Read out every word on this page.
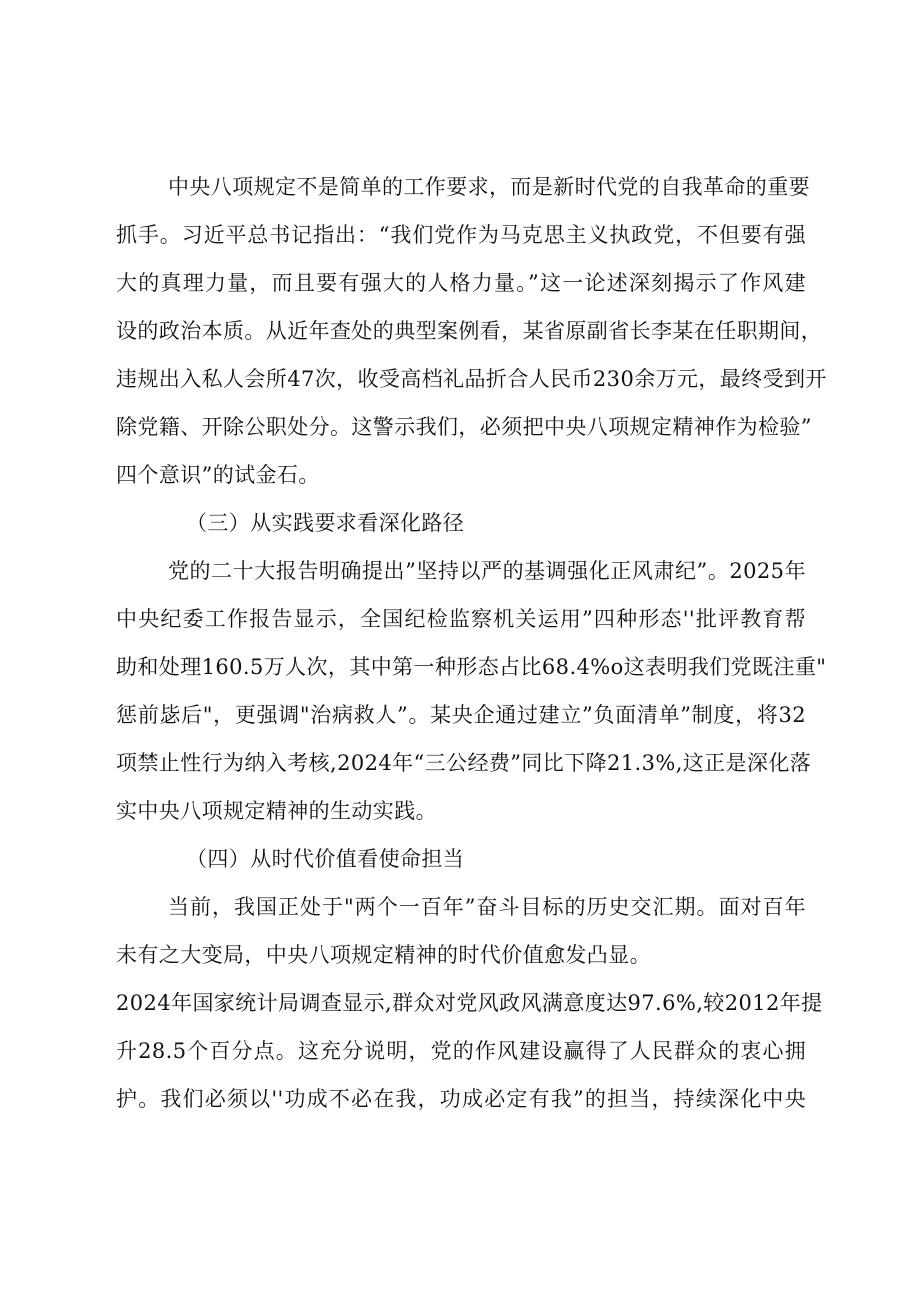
中央八项规定不是简单的工作要求，而是新时代党的自我革命的重要
抓手。习近平总书记指出：“我们党作为马克思主义执政党，不但要有强
大的真理力量，而且要有强大的人格力量。”这一论述深刻揭示了作风建
设的政治本质。从近年查处的典型案例看，某省原副省长李某在任职期间，
违规出入私人会所47次，收受高档礼品折合人民币230余万元，最终受到开
除党籍、开除公职处分。这警示我们，必须把中央八项规定精神作为检验”
四个意识”的试金石。
（三）从实践要求看深化路径
党的二十大报告明确提出”坚持以严的基调强化正风肃纪”。2025年
中央纪委工作报告显示，全国纪检监察机关运用”四种形态''批评教育帮
助和处理160.5万人次，其中第一种形态占比68.4%o这表明我们党既注重"
惩前毖后"，更强调"治病救人”。某央企通过建立”负面清单”制度，将32
项禁止性行为纳入考核,2024年“三公经费”同比下降21.3%,这正是深化落
实中央八项规定精神的生动实践。
（四）从时代价值看使命担当
当前，我国正处于"两个一百年”奋斗目标的历史交汇期。面对百年
未有之大变局，中央八项规定精神的时代价值愈发凸显。
2024年国家统计局调查显示,群众对党风政风满意度达97.6%,较2012年提
升28.5个百分点。这充分说明，党的作风建设赢得了人民群众的衷心拥
护。我们必须以''功成不必在我，功成必定有我”的担当，持续深化中央
